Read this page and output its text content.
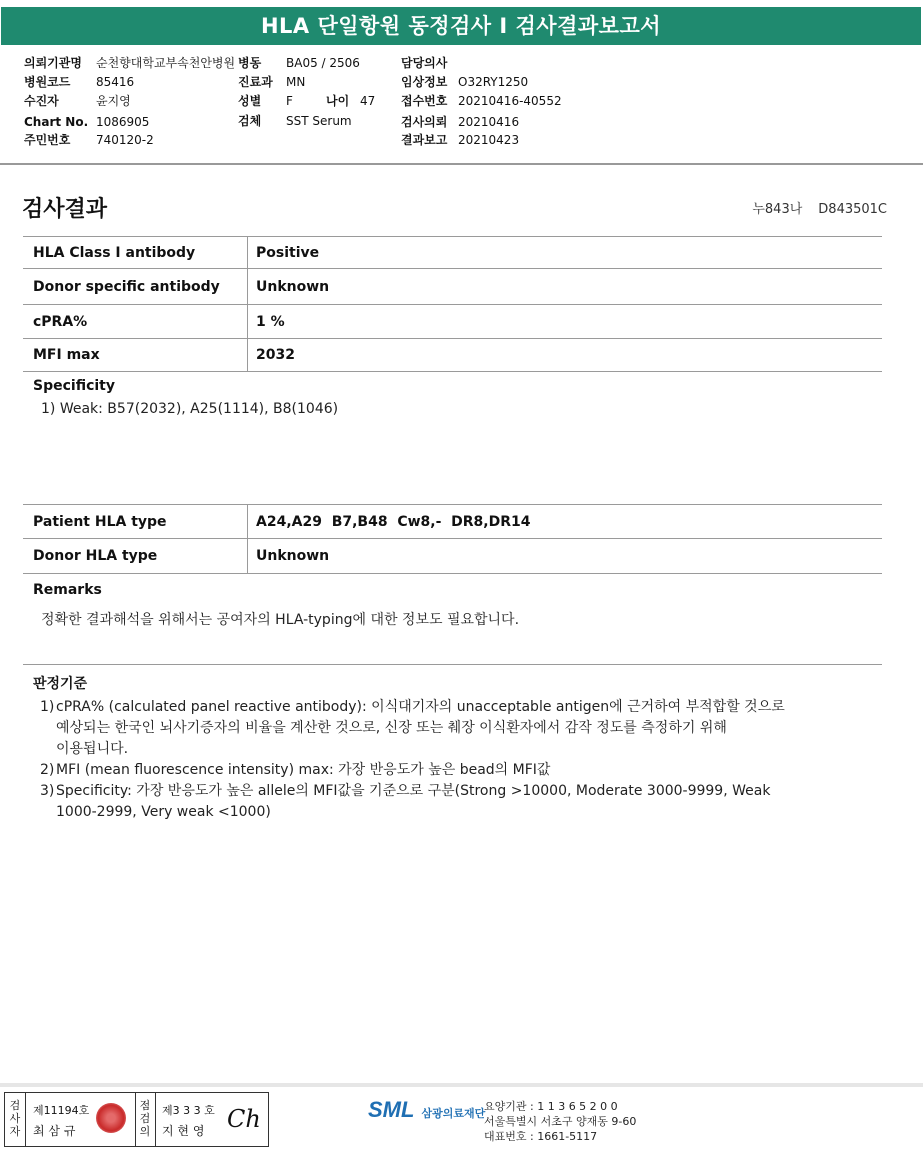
HLA 단일항원 동정검사 I 검사결과보고서
의뢰기관명 순천향대학교부속천안병원
병원코드 85416
수진자	윤지영
Chart No. 1086905
주민번호 740120-2
병동 BA05 / 2506
진료과 MN
성별 F	나이 47
검체 SST Serum
담당의사
임상정보 O32RY1250
접수번호 20210416-40552
검사의뢰 20210416
결과보고 20210423
검사결과	누843나 D843501C
HLA Class I antibody	Positive
Donor specific antibody	Unknown
cPRA%	1 %
MFI max	2032
Specificity
1) Weak: B57(2032), A25(1114), B8(1046)
Patient HLA type	A24,A29  B7,B48  Cw8,-  DR8,DR14
Donor HLA type	Unknown
Remarks
정확한 결과해석을 위해서는 공여자의 HLA-typing에 대한 정보도 필요합니다.
판정기준
1) cPRA% (calculated panel reactive antibody): 이식대기자의 unacceptable antigen에 근거하여 부적합할 것으로
예상되는 한국인 뇌사기증자의 비율을 계산한 것으로, 신장 또는 췌장 이식환자에서 감작 정도를 측정하기 위해
이용됩니다.
2) MFI (mean fluorescence intensity) max: 가장 반응도가 높은 bead의 MFI값
3) Specificity: 가장 반응도가 높은 allele의 MFI값을 기준으로 구분(Strong >10000, Moderate 3000-9999, Weak
1000-2999, Very weak <1000)
검사자
제11194호
최 삼 규
점검의
제3 3 3 호
지 현 영 Ch	SML 삼광의료재단
요양기관 : 1 1 3 6 5 2 0 0
서울특별시 서초구 양재동 9-60
대표번호 : 1661-5117
